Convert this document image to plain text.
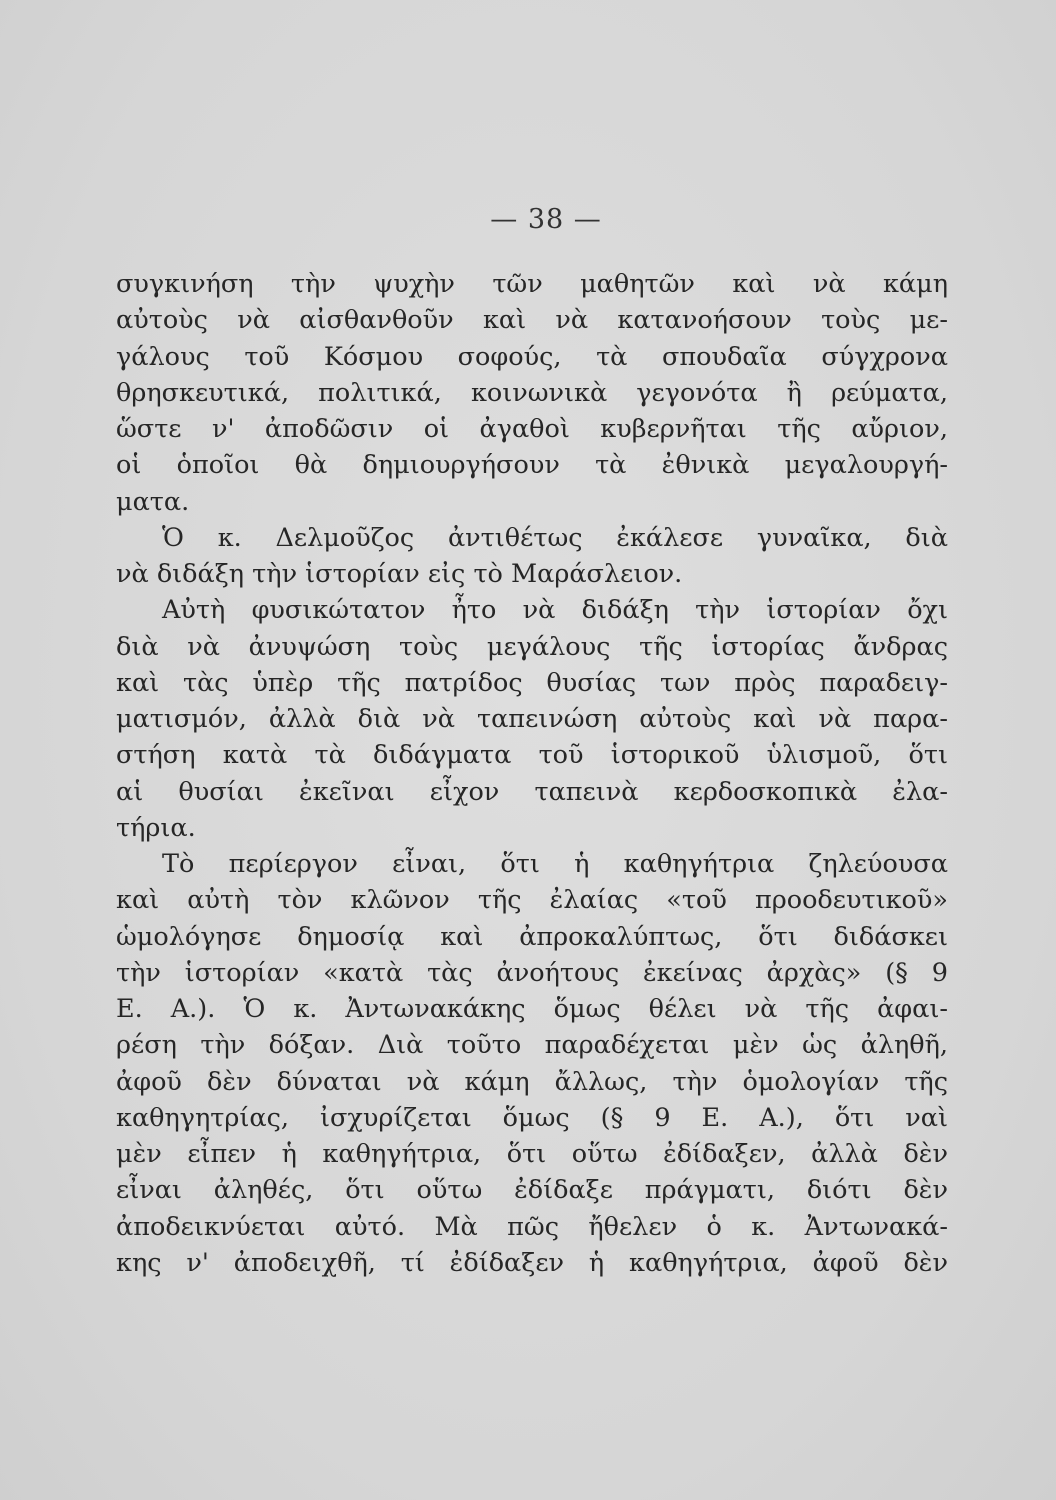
— 38 —
συγκινήση τὴν ψυχὴν τῶν μαθητῶν καὶ νὰ κάμη
αὐτοὺς νὰ αἰσθανθοῦν καὶ νὰ κατανοήσουν τοὺς με-
γάλους τοῦ Κόσμου σοφούς, τὰ σπουδαῖα σύγχρονα
θρησκευτικά, πολιτικά, κοινωνικὰ γεγονότα ἢ ρεύματα,
ὥστε ν' ἀποδῶσιν οἱ ἀγαθοὶ κυβερνῆται τῆς αὔριον,
οἱ ὁποῖοι θὰ δημιουργήσουν τὰ ἐθνικὰ μεγαλουργή-
ματα.
Ὁ κ. Δελμοῦζος ἀντιθέτως ἐκάλεσε γυναῖκα, διὰ
νὰ διδάξη τὴν ἱστορίαν εἰς τὸ Μαράσλειον.
Αὐτὴ φυσικώτατον ἦτο νὰ διδάξη τὴν ἱστορίαν ὄχι
διὰ νὰ ἀνυψώση τοὺς μεγάλους τῆς ἱστορίας ἄνδρας
καὶ τὰς ὑπὲρ τῆς πατρίδος θυσίας των πρὸς παραδειγ-
ματισμόν, ἀλλὰ διὰ νὰ ταπεινώση αὐτοὺς καὶ νὰ παρα-
στήση κατὰ τὰ διδάγματα τοῦ ἱστορικοῦ ὑλισμοῦ, ὅτι
αἱ θυσίαι ἐκεῖναι εἶχον ταπεινὰ κερδοσκοπικὰ ἐλα-
τήρια.
Τὸ περίεργον εἶναι, ὅτι ἡ καθηγήτρια ζηλεύουσα
καὶ αὐτὴ τὸν κλῶνον τῆς ἐλαίας «τοῦ προοδευτικοῦ»
ὡμολόγησε δημοσίᾳ καὶ ἀπροκαλύπτως, ὅτι διδάσκει
τὴν ἱστορίαν «κατὰ τὰς ἀνοήτους ἐκείνας ἀρχὰς» (§ 9
Ε. Α.). Ὁ κ. Ἀντωνακάκης ὅμως θέλει νὰ τῆς ἀφαι-
ρέση τὴν δόξαν. Διὰ τοῦτο παραδέχεται μὲν ὡς ἀληθῆ,
ἀφοῦ δὲν δύναται νὰ κάμη ἄλλως, τὴν ὁμολογίαν τῆς
καθηγητρίας, ἰσχυρίζεται ὅμως (§ 9 Ε. Α.), ὅτι ναὶ
μὲν εἶπεν ἡ καθηγήτρια, ὅτι οὕτω ἐδίδαξεν, ἀλλὰ δὲν
εἶναι ἀληθές, ὅτι οὕτω ἐδίδαξε πράγματι, διότι δὲν
ἀποδεικνύεται αὐτό. Μὰ πῶς ἤθελεν ὁ κ. Ἀντωνακά-
κης ν' ἀποδειχθῆ, τί ἐδίδαξεν ἡ καθηγήτρια, ἀφοῦ δὲν
